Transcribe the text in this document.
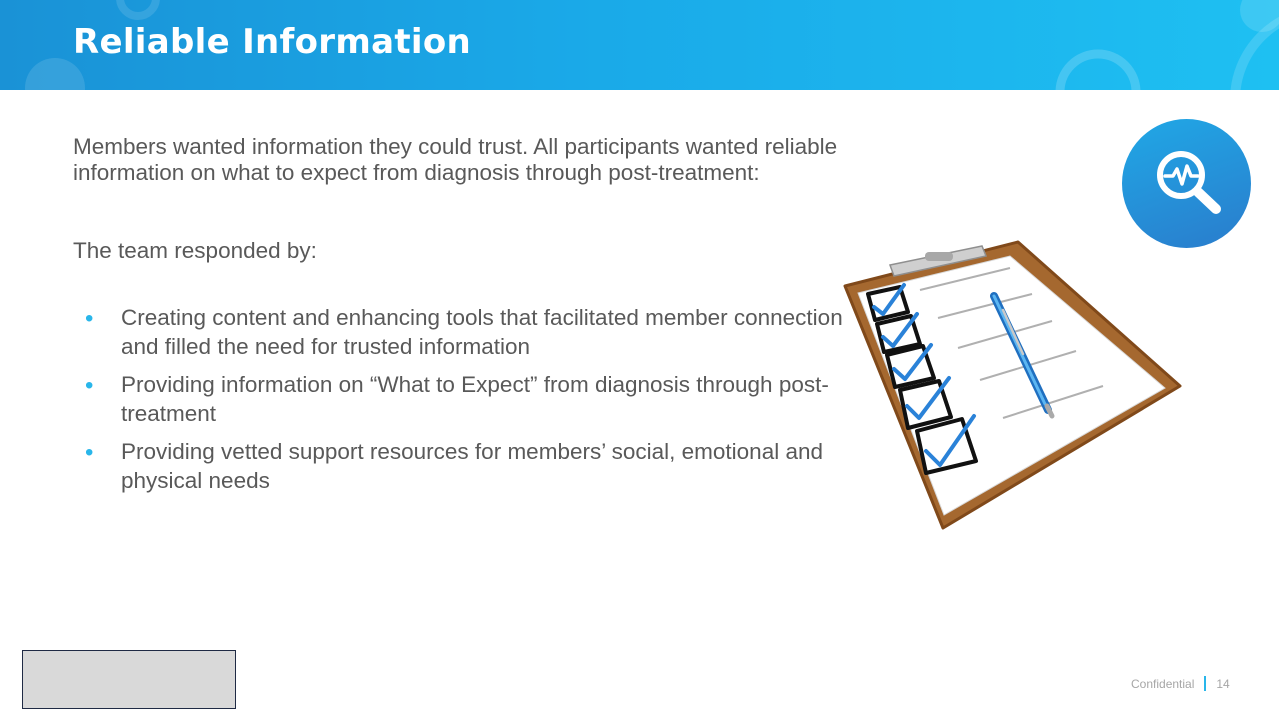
Reliable Information
Members wanted information they could trust. All participants wanted reliable information on what to expect from diagnosis through post-treatment:
The team responded by:
• Creating content and enhancing tools that facilitated member connection and filled the need for trusted information
• Providing information on “What to Expect” from diagnosis through post-treatment
• Providing vetted support resources for members’ social, emotional and physical needs
Confidential 14
